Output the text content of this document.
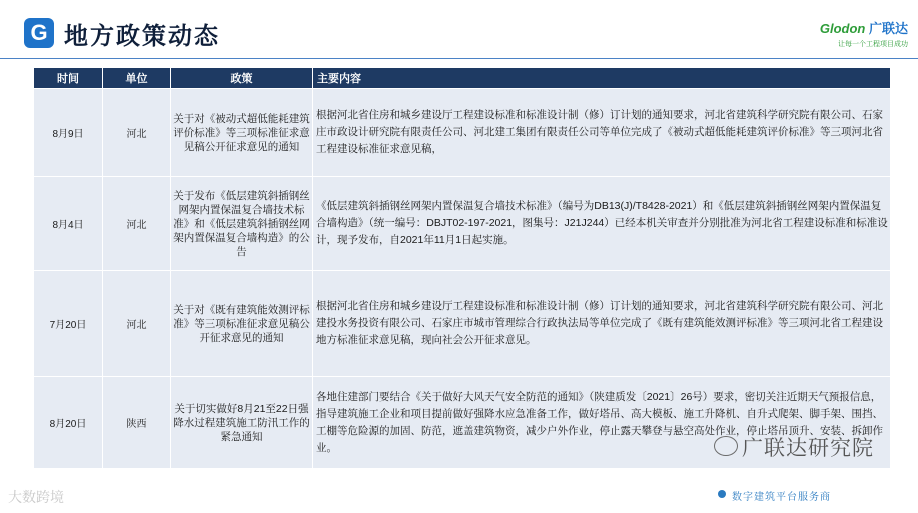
G 地方政策动态	Glodon 广联达
让每一个工程项目成功
时间	单位	政策	主要内容
8月9日	河北	关于对《被动式超低能耗建筑评价标准》等三项标准征求意见稿公开征求意见的通知	根据河北省住房和城乡建设厅工程建设标准和标准设计制（修）订计划的通知要求，河北省建筑科学研究院有限公司、石家庄市政设计研究院有限责任公司、河北建工集团有限责任公司等单位完成了《被动式超低能耗建筑评价标准》等三项河北省工程建设标准征求意见稿，
8月4日	河北	关于发布《低层建筑斜插钢丝网架内置保温复合墙技术标准》和《低层建筑斜插钢丝网架内置保温复合墙构造》的公告	《低层建筑斜插钢丝网架内置保温复合墙技术标准》（编号为DB13(J)/T8428-2021）和《低层建筑斜插钢丝网架内置保温复合墙构造》（统一编号：DBJT02-197-2021，图集号：J21J244）已经本机关审查并分别批准为河北省工程建设标准和标准设计，现予发布，自2021年11月1日起实施。
7月20日	河北	关于对《既有建筑能效测评标准》等三项标准征求意见稿公开征求意见的通知	根据河北省住房和城乡建设厅工程建设标准和标准设计制（修）订计划的通知要求，河北省建筑科学研究院有限公司、河北建投水务投资有限公司、石家庄市城市管理综合行政执法局等单位完成了《既有建筑能效测评标准》等三项河北省工程建设地方标准征求意见稿，现向社会公开征求意见。
8月20日	陕西	关于切实做好8月21至22日强降水过程建筑施工防汛工作的紧急通知	各地住建部门要结合《关于做好大风天气安全防范的通知》（陕建质发〔2021〕26号）要求，密切关注近期天气预报信息，指导建筑施工企业和项目提前做好强降水应急准备工作，做好塔吊、高大模板、施工升降机、自升式爬架、脚手架、围挡、工棚等危险源的加固、防范，遮盖建筑物资，减少户外作业，停止露天攀登与悬空高处作业，停止塔吊顶升、安装、拆卸作业。	广联达研究院
数字建筑平台服务商
大数跨境
